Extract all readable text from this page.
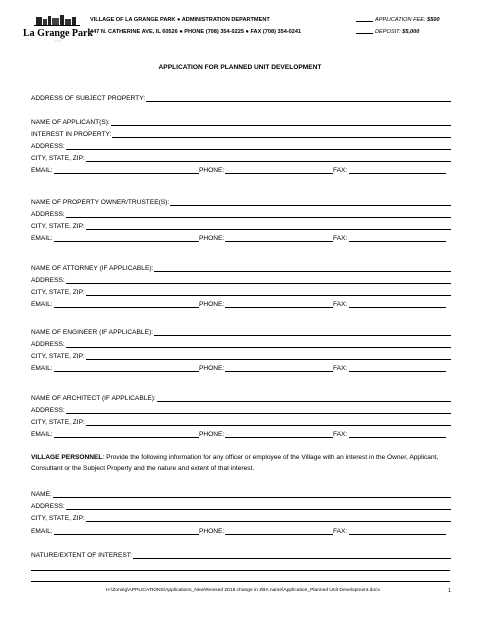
La Grange Park
~ ~ ~
VILLAGE OF LA GRANGE PARK ● ADMINISTRATION DEPARTMENT
447 N. CATHERINE AVE, IL 60526 ● PHONE (708) 354-0225 ● FAX (708) 354-0241
APPLICATION FEE: $500
DEPOSIT: $5,000
APPLICATION FOR PLANNED UNIT DEVELOPMENT
ADDRESS OF SUBJECT PROPERTY:
NAME OF APPLICANT(S):
INTEREST IN PROPERTY:
ADDRESS:
CITY, STATE, ZIP:
EMAIL:	PHONE:	FAX:
NAME OF PROPERTY OWNER/TRUSTEE(S):
ADDRESS:
CITY, STATE, ZIP:
EMAIL:	PHONE:	FAX:
NAME OF ATTORNEY (IF APPLICABLE):
ADDRESS:
CITY, STATE, ZIP:
EMAIL:	PHONE:	FAX:
NAME OF ENGINEER (IF APPLICABLE):
ADDRESS:
CITY, STATE, ZIP:
EMAIL:	PHONE:	FAX:
NAME OF ARCHITECT (IF APPLICABLE):
ADDRESS:
CITY, STATE, ZIP:
EMAIL:	PHONE:	FAX:
VILLAGE PERSONNEL: Provide the following information for any officer or employee of the Village with an interest in the Owner, Applicant, Consultant or the Subject Property and the nature and extent of that interest.
NAME:
ADDRESS:
CITY, STATE, ZIP:
EMAIL:	PHONE:	FAX:
NATURE/EXTENT OF INTEREST:
H:\Zoning\APPLICATIONS\Applications_New\Revised 2018 change in ZBA name\Application_Planned Unit Development.docx	1
